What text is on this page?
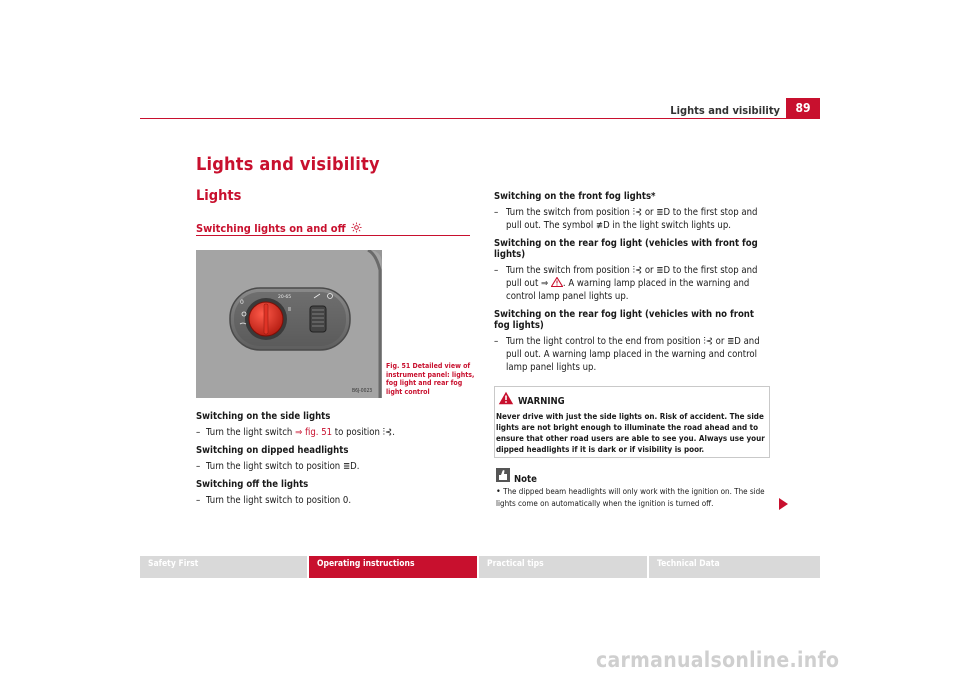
Lights and visibility	89
Lights and visibility
Lights
Switching lights on and off
0
20-65
B6J-0023
Fig. 51 Detailed view of instrument panel: lights, fog light and rear fog light control
Switching on the side lights
– Turn the light switch ⇒ fig. 51 to position ⫶⊰.
Switching on dipped headlights
– Turn the light switch to position ≣D.
Switching off the lights
– Turn the light switch to position 0.
Switching on the front fog lights*
– Turn the switch from position ⫶⊰ or ≣D to the first stop and pull out. The symbol ≢D in the light switch lights up.
Switching on the rear fog light (vehicles with front fog lights)
– Turn the switch from position ⫶⊰ or ≣D to the first stop and pull out ⇒ . A warning lamp placed in the warning and control lamp panel lights up.
Switching on the rear fog light (vehicles with no front fog lights)
– Turn the light control to the end from position ⫶⊰ or ≣D and pull out. A warning lamp placed in the warning and control lamp panel lights up.
WARNING
Never drive with just the side lights on. Risk of accident. The side lights are not bright enough to illuminate the road ahead and to ensure that other road users are able to see you. Always use your dipped headlights if it is dark or if visibility is poor.
Note
• The dipped beam headlights will only work with the ignition on. The side lights come on automatically when the ignition is turned off.
Safety First	Operating instructions	Practical tips	Technical Data
carmanualsonline.info
